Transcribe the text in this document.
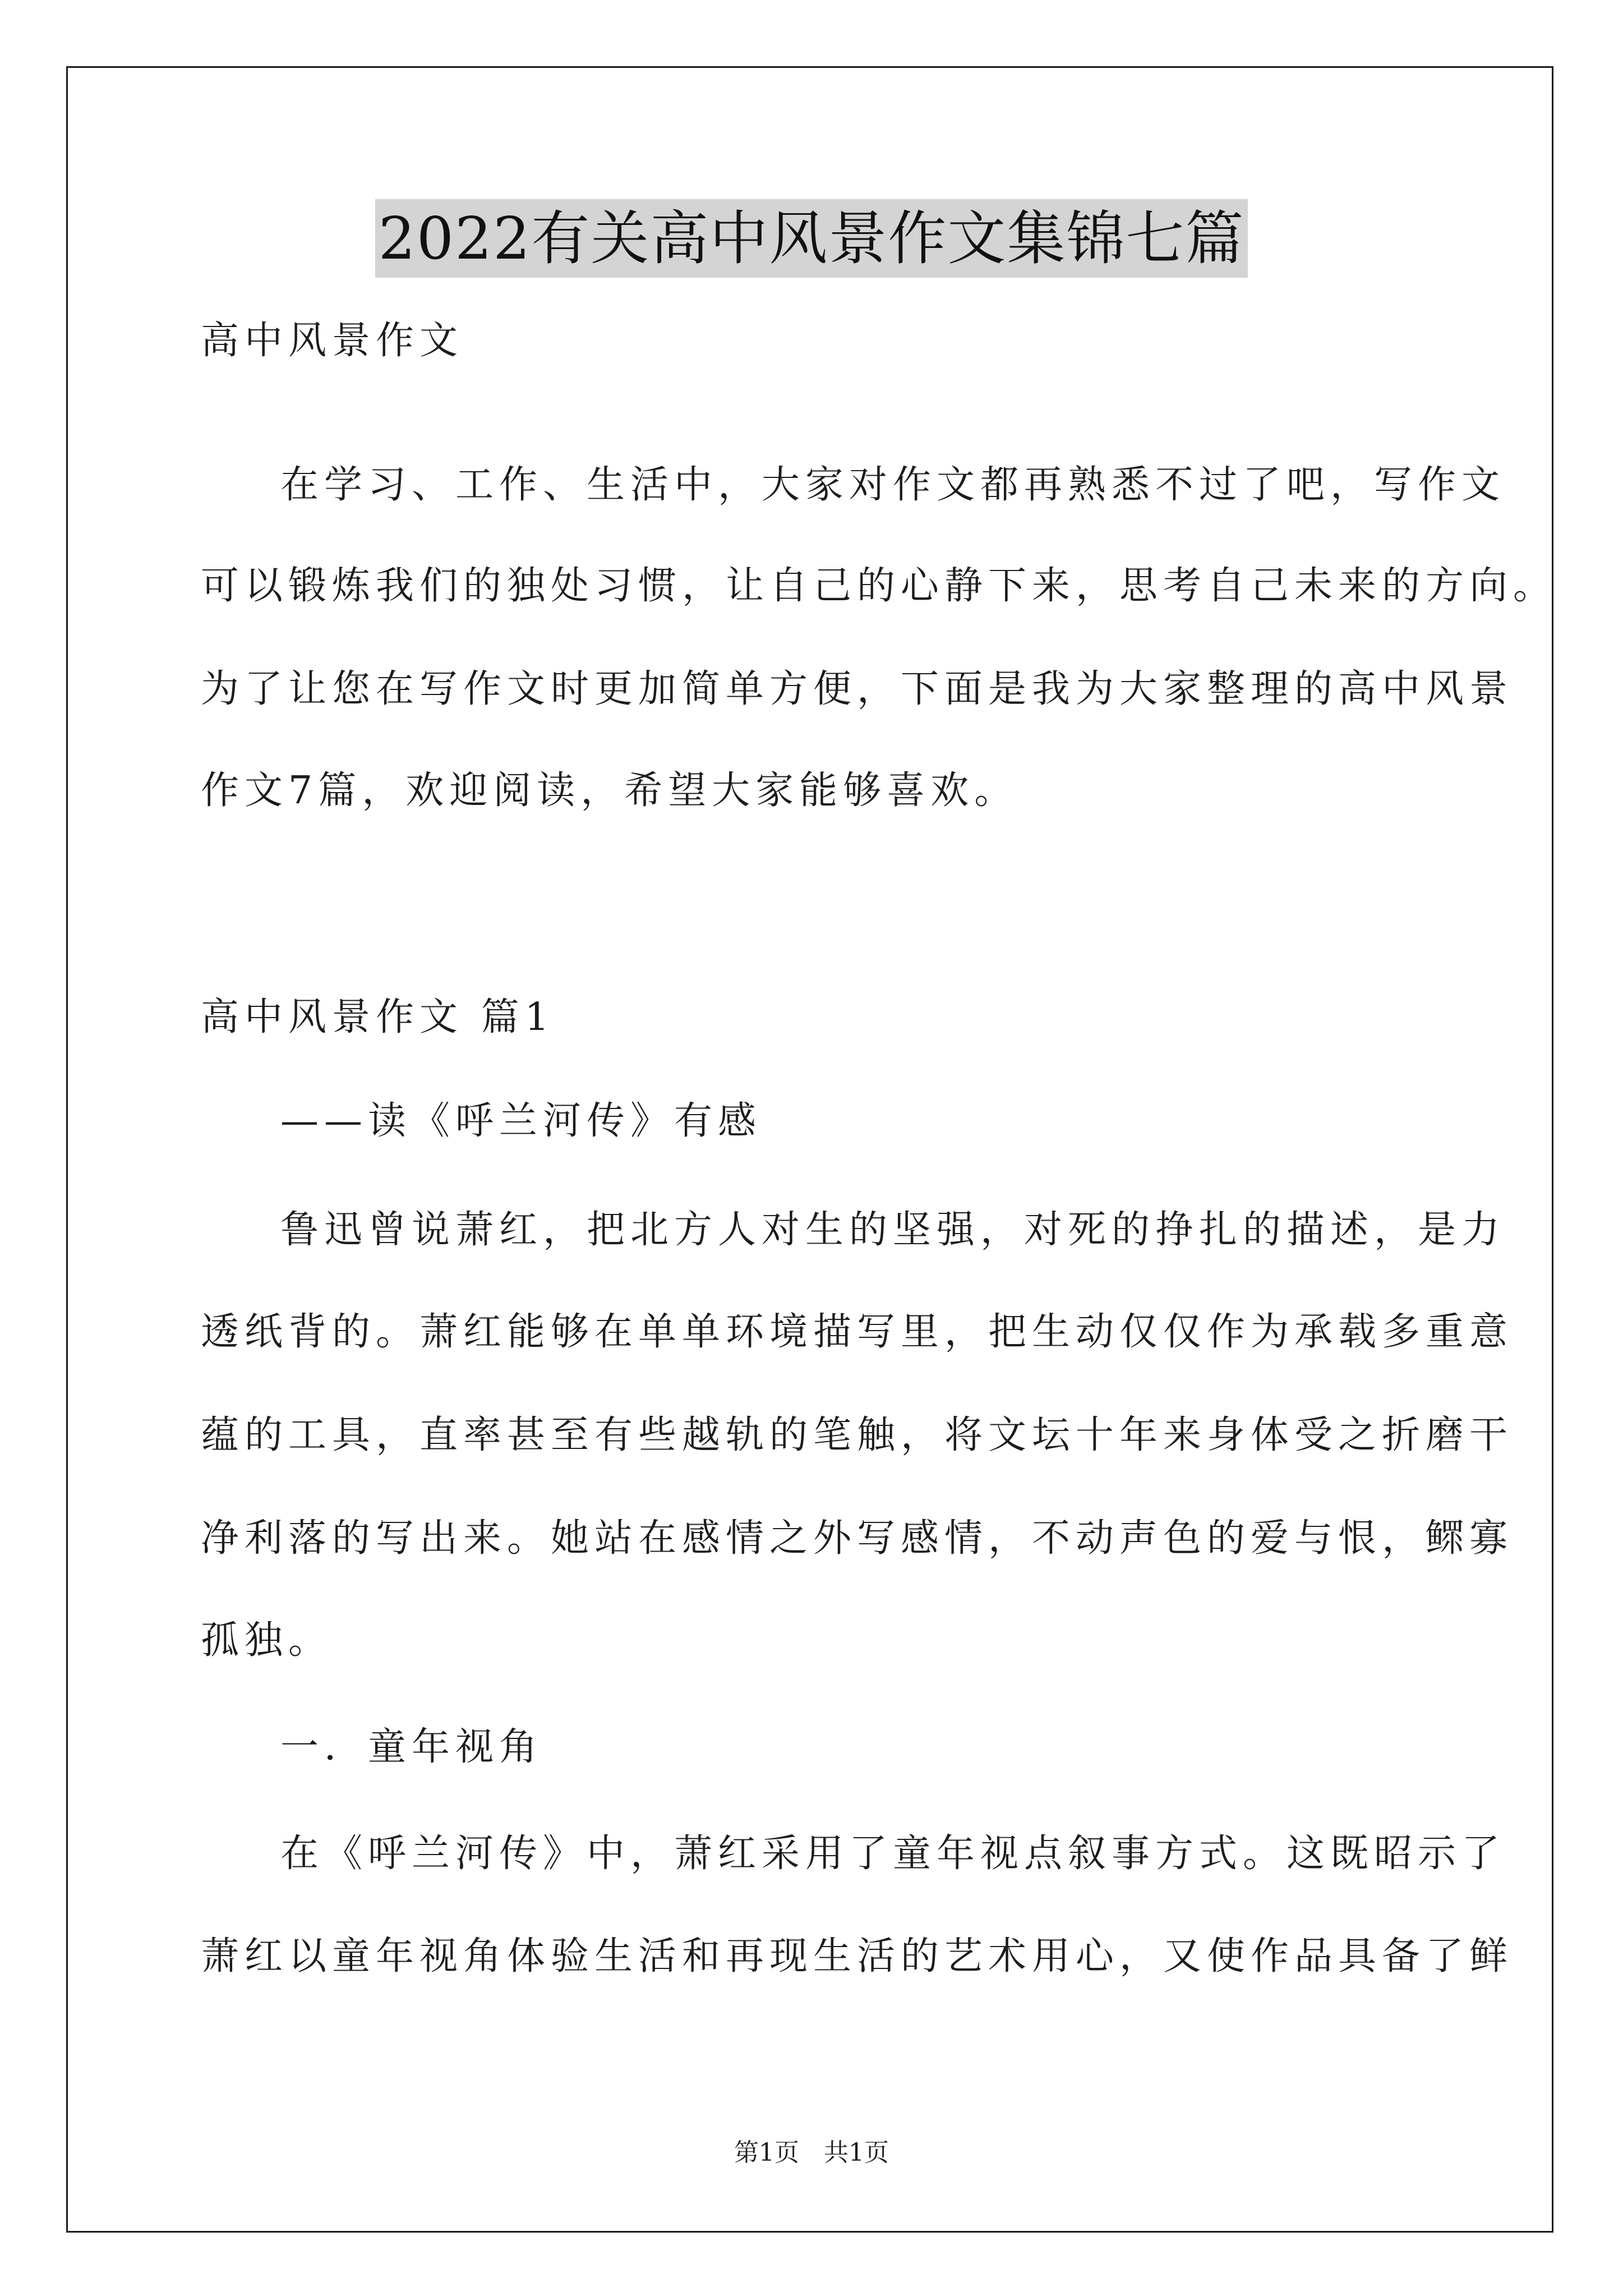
2022有关高中风景作文集锦七篇
高中风景作文
在学习、工作、生活中，大家对作文都再熟悉不过了吧，写作文
可以锻炼我们的独处习惯，让自己的心静下来，思考自己未来的方向。
为了让您在写作文时更加简单方便，下面是我为大家整理的高中风景
作文7篇，欢迎阅读，希望大家能够喜欢。
高中风景作文 篇1
——读《呼兰河传》有感
鲁迅曾说萧红，把北方人对生的坚强，对死的挣扎的描述，是力
透纸背的。萧红能够在单单环境描写里，把生动仅仅作为承载多重意
蕴的工具，直率甚至有些越轨的笔触，将文坛十年来身体受之折磨干
净利落的写出来。她站在感情之外写感情，不动声色的爱与恨，鳏寡
孤独。
一．童年视角
在《呼兰河传》中，萧红采用了童年视点叙事方式。这既昭示了
萧红以童年视角体验生活和再现生活的艺术用心，又使作品具备了鲜
第1页　共1页
